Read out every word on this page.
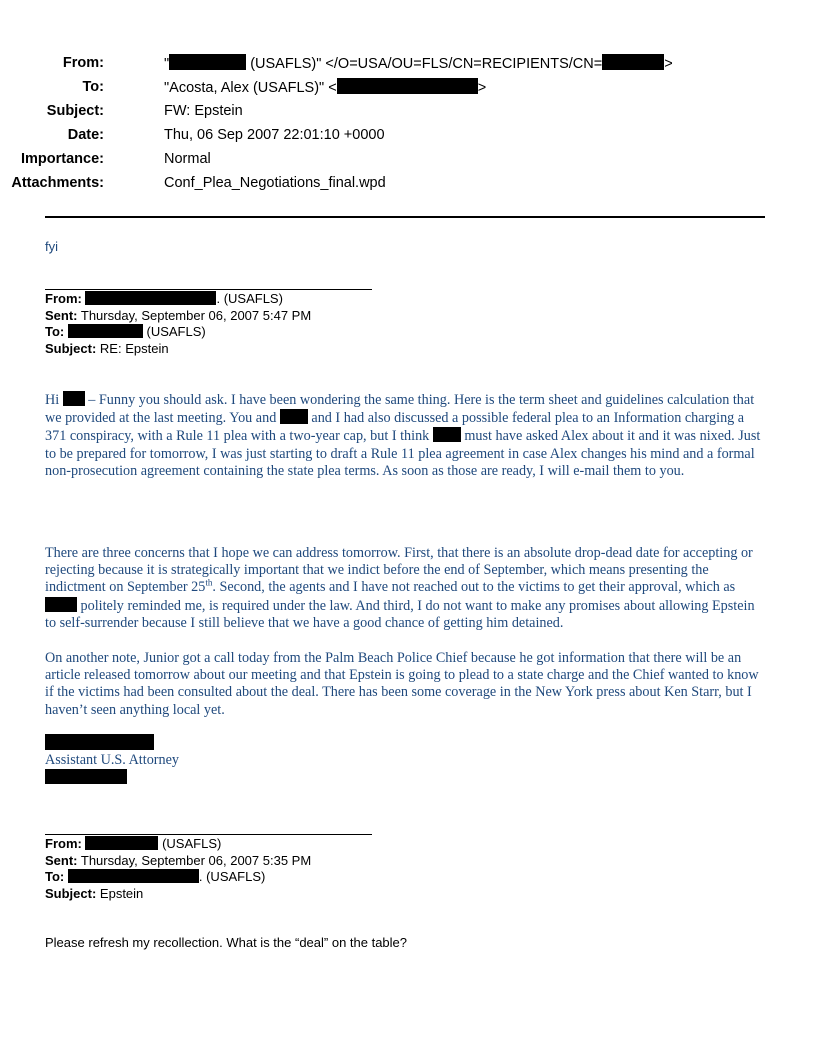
From:	"	(USAFLS)" </O=USA/OU=FLS/CN=RECIPIENTS/CN=	>
To:	"Acosta, Alex (USAFLS)" <	>
Subject:	FW: Epstein
Date:	Thu, 06 Sep 2007 22:01:10 +0000
Importance:	Normal
Attachments:	Conf_Plea_Negotiations_final.wpd
fyi
From:	. (USAFLS)
Sent: Thursday, September 06, 2007 5:47 PM
To:	(USAFLS)
Subject: RE: Epstein
Hi – Funny you should ask. I have been wondering the same thing. Here is the term sheet and guidelines calculation that we provided at the last meeting. You and and I had also discussed a possible federal plea to an Information charging a 371 conspiracy, with a Rule 11 plea with a two-year cap, but I think must have asked Alex about it and it was nixed. Just to be prepared for tomorrow, I was just starting to draft a Rule 11 plea agreement in case Alex changes his mind and a formal non-prosecution agreement containing the state plea terms. As soon as those are ready, I will e-mail them to you.
There are three concerns that I hope we can address tomorrow. First, that there is an absolute drop-dead date for accepting or rejecting because it is strategically important that we indict before the end of September, which means presenting the indictment on September 25th. Second, the agents and I have not reached out to the victims to get their approval, which as  politely reminded me, is required under the law. And third, I do not want to make any promises about allowing Epstein to self-surrender because I still believe that we have a good chance of getting him detained.
On another note, Junior got a call today from the Palm Beach Police Chief because he got information that there will be an article released tomorrow about our meeting and that Epstein is going to plead to a state charge and the Chief wanted to know if the victims had been consulted about the deal. There has been some coverage in the New York press about Ken Starr, but I haven’t seen anything local yet.
Assistant U.S. Attorney
From:	(USAFLS)
Sent: Thursday, September 06, 2007 5:35 PM
To:	. (USAFLS)
Subject: Epstein
Please refresh my recollection. What is the “deal” on the table?
